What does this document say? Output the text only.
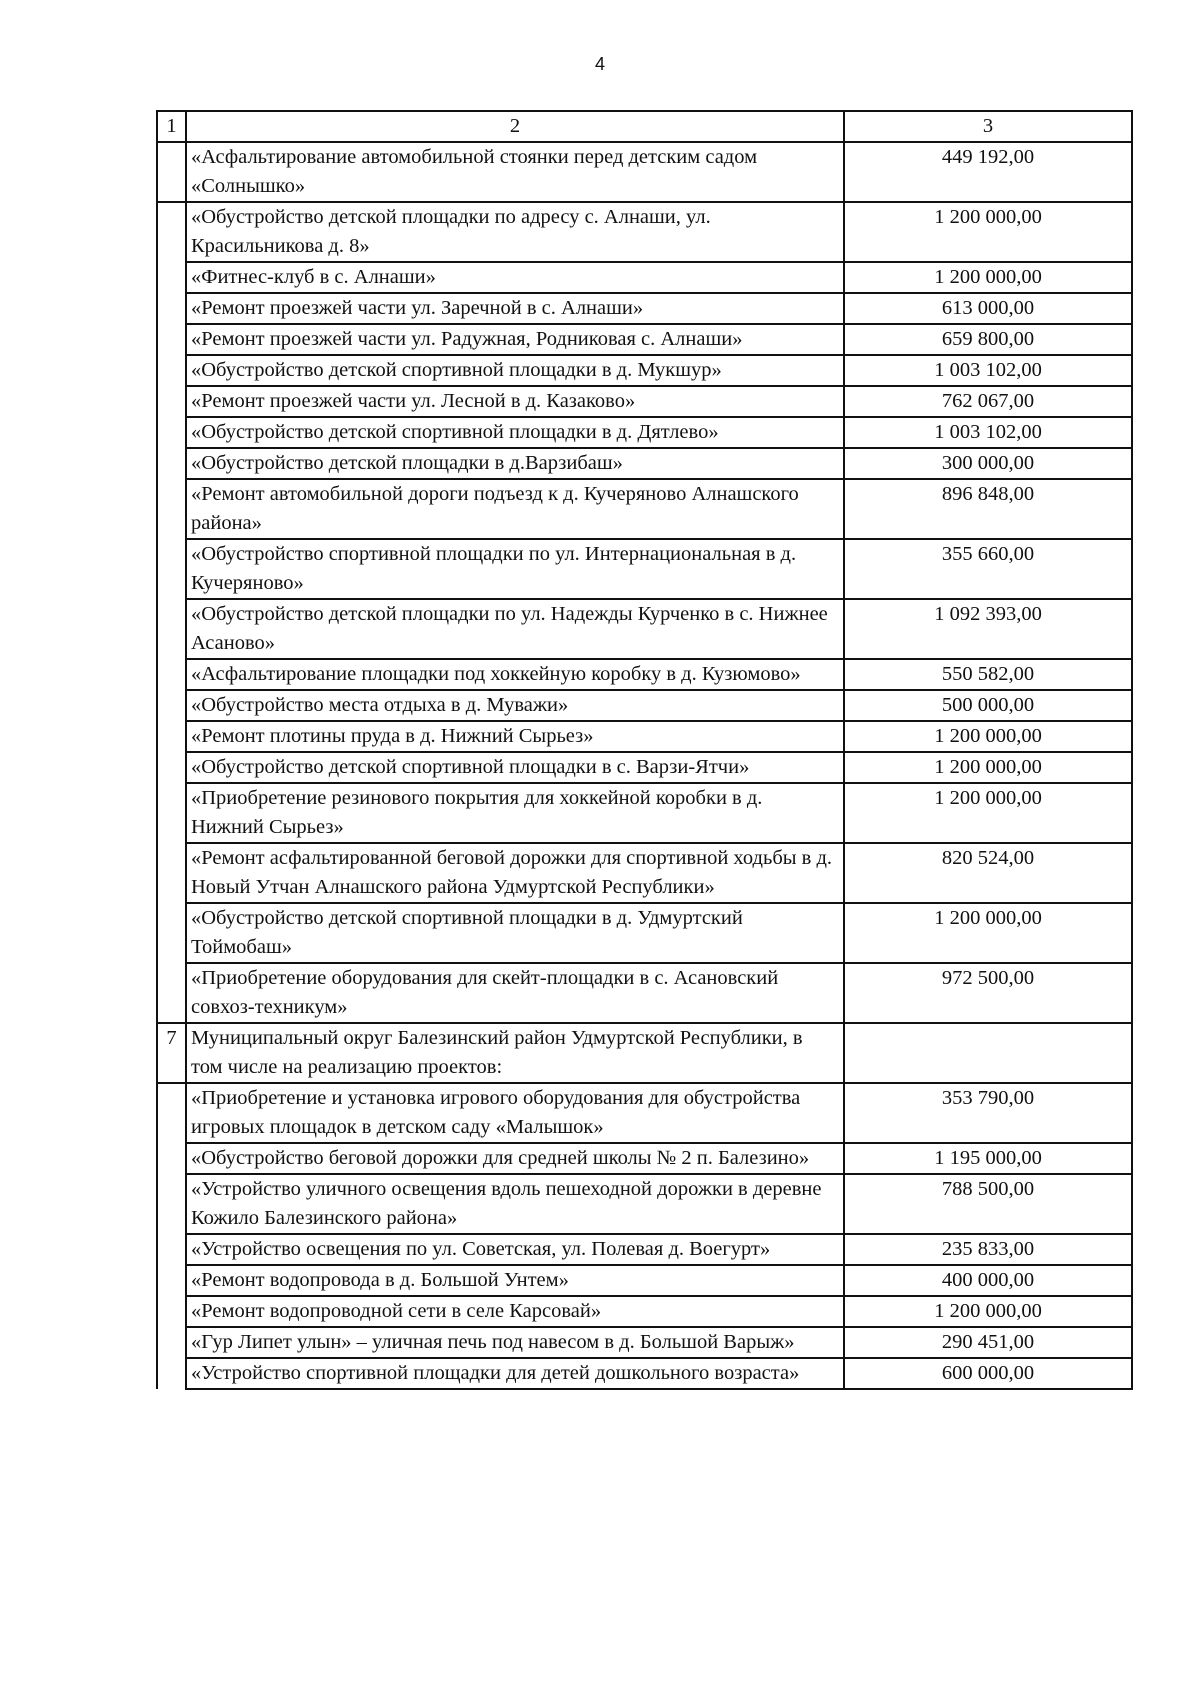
4
1	2	3
	«Асфальтирование автомобильной стоянки перед детским садом «Солнышко»	449 192,00
	«Обустройство детской площадки по адресу с. Алнаши, ул. Красильникова д. 8»	1 200 000,00
	«Фитнес-клуб в с. Алнаши»	1 200 000,00
	«Ремонт проезжей части ул. Заречной в с. Алнаши»	613 000,00
	«Ремонт проезжей части ул. Радужная, Родниковая с. Алнаши»	659 800,00
	«Обустройство детской спортивной площадки в д. Мукшур»	1 003 102,00
	«Ремонт проезжей части ул. Лесной в д. Казаково»	762 067,00
	«Обустройство детской спортивной площадки в д. Дятлево»	1 003 102,00
	«Обустройство детской площадки в д.Варзибаш»	300 000,00
	«Ремонт автомобильной дороги подъезд к д. Кучеряново Алнашского района»	896 848,00
	«Обустройство спортивной площадки по ул. Интернациональная в д. Кучеряново»	355 660,00
	«Обустройство детской площадки по ул. Надежды Курченко в с. Нижнее Асаново»	1 092 393,00
	«Асфальтирование площадки под хоккейную коробку в д. Кузюмово»	550 582,00
	«Обустройство места отдыха в д. Муважи»	500 000,00
	«Ремонт плотины пруда в д. Нижний Сырьез»	1 200 000,00
	«Обустройство детской спортивной площадки в с. Варзи-Ятчи»	1 200 000,00
	«Приобретение резинового покрытия для хоккейной коробки в д. Нижний Сырьез»	1 200 000,00
	«Ремонт асфальтированной беговой дорожки для спортивной ходьбы в д. Новый Утчан Алнашского района Удмуртской Республики»	820 524,00
	«Обустройство детской спортивной площадки в д. Удмуртский Тоймобаш»	1 200 000,00
	«Приобретение оборудования для скейт-площадки в с. Асановский совхоз-техникум»	972 500,00
7	Муниципальный округ Балезинский район Удмуртской Республики, в том числе на реализацию проектов:	
	«Приобретение и установка игрового оборудования для обустройства игровых площадок в детском саду «Малышок»	353 790,00
	«Обустройство беговой дорожки для средней школы № 2 п. Балезино»	1 195 000,00
	«Устройство уличного освещения вдоль пешеходной дорожки в деревне Кожило Балезинского района»	788 500,00
	«Устройство освещения по ул. Советская, ул. Полевая д. Воегурт»	235 833,00
	«Ремонт водопровода в д. Большой Унтем»	400 000,00
	«Ремонт водопроводной сети в селе Карсовай»	1 200 000,00
	«Гур Липет улын» – уличная печь под навесом в д. Большой Варыж»	290 451,00
	«Устройство спортивной площадки для детей дошкольного возраста»	600 000,00
